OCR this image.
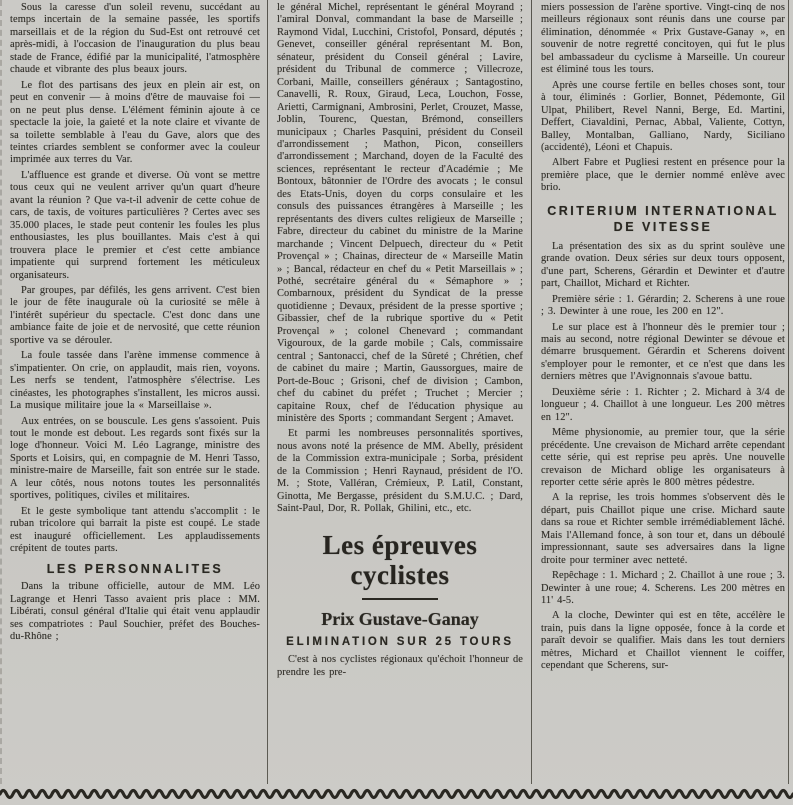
Sous la caresse d'un soleil revenu, succédant au temps incertain de la semaine passée, les sportifs marseillais et de la région du Sud-Est ont retrouvé cet après-midi, à l'occasion de l'inauguration du plus beau stade de France, édifié par la municipalité, l'atmosphère chaude et vibrante des plus beaux jours.

Le flot des partisans des jeux en plein air est, on peut en convenir — à moins d'être de mauvaise foi — on ne peut plus dense. L'élément féminin ajoute à ce spectacle la joie, la gaieté et la note claire et vivante de sa toilette semblable à l'eau du Gave, alors que des teintes criardes semblent se conformer avec la couleur imprimée aux terres du Var.

L'affluence est grande et diverse. Où vont se mettre tous ceux qui ne veulent arriver qu'un quart d'heure avant la réunion ? Que va-t-il advenir de cette cohue de cars, de taxis, de voitures particulières ? Certes avec ses 35.000 places, le stade peut contenir les foules les plus enthousiastes, les plus bouillantes. Mais c'est à qui trouvera place le premier et c'est cette ambiance impatiente qui surprend fortement les méticuleux organisateurs.

Par groupes, par défilés, les gens arrivent. C'est bien le jour de fête inaugurale où la curiosité se mêle à l'intérêt supérieur du spectacle. C'est donc dans une ambiance faite de joie et de nervosité, que cette réunion sportive va se dérouler.

La foule tassée dans l'arène immense commence à s'impatienter. On crie, on applaudit, mais rien, voyons. Les nerfs se tendent, l'atmosphère s'électrise. Les cinéastes, les photographes s'installent, les micros aussi. La musique militaire joue la « Marseillaise ».

Aux entrées, on se bouscule. Les gens s'assoient. Puis tout le monde est debout. Les regards sont fixés sur la loge d'honneur. Voici M. Léo Lagrange, ministre des Sports et Loisirs, qui, en compagnie de M. Henri Tasso, ministre-maire de Marseille, fait son entrée sur le stade. A leur côtés, nous notons toutes les personnalités sportives, politiques, civiles et militaires.

Et le geste symbolique tant attendu s'accomplit : le ruban tricolore qui barrait la piste est coupé. Le stade est inauguré officiellement. Les applaudissements crépitent de toutes parts.

LES PERSONNALITES

Dans la tribune officielle, autour de MM. Léo Lagrange et Henri Tasso avaient pris place : MM. Libérati, consul général d'Italie qui était venu applaudir ses compatriotes : Paul Souchier, préfet des Bouches-du-Rhône ;

le général Michel, représentant le général Moyrand ; l'amiral Donval, commandant la base de Marseille ; Raymond Vidal, Lucchini, Cristofol, Ponsard, députés ; Genevet, conseiller général représentant M. Bon, sénateur, président du Conseil général ; Lavire, président du Tribunal de commerce ; Villecroze, Corbani, Maille, conseillers généraux ; Santagostino, Canavelli, R. Roux, Giraud, Leca, Louchon, Fosse, Arietti, Carmignani, Ambrosini, Perlet, Crouzet, Masse, Joblin, Tourenc, Questan, Brémond, conseillers municipaux ; Charles Pasquini, président du Conseil d'arrondissement ; Mathon, Picon, conseillers d'arrondissement ; Marchand, doyen de la Faculté des sciences, représentant le recteur d'Académie ; Me Bontoux, bâtonnier de l'Ordre des avocats ; le consul des Etats-Unis, doyen du corps consulaire et les consuls des puissances étrangères à Marseille ; les représentants des divers cultes religieux de Marseille ; Fabre, directeur du cabinet du ministre de la Marine marchande ; Vincent Delpuech, directeur du « Petit Provençal » ; Chainas, directeur de « Marseille Matin » ; Bancal, rédacteur en chef du « Petit Marseillais » ; Pothé, secrétaire général du « Sémaphore » ; Combarnoux, président du Syndicat de la presse quotidienne ; Devaux, président de la presse sportive ; Gibassier, chef de la rubrique sportive du « Petit Provençal » ; colonel Chenevard ; commandant Vigouroux, de la garde mobile ; Cals, commissaire central ; Santonacci, chef de la Sûreté ; Chrétien, chef de cabinet du maire ; Martin, Gaussorgues, maire de Port-de-Bouc ; Grisoni, chef de division ; Cambon, chef du cabinet du préfet ; Truchet ; Mercier ; capitaine Roux, chef de l'éducation physique au ministère des Sports ; commandant Sergent ; Amavet.

Et parmi les nombreuses personnalités sportives, nous avons noté la présence de MM. Abelly, président de la Commission extra-municipale ; Sorba, président de la Commission ; Henri Raynaud, président de l'O. M. ; Stote, Valléran, Crémieux, P. Latil, Constant, Ginotta, Me Bergasse, président du S.M.U.C. ; Dard, Saint-Paul, Dor, R. Pollak, Ghilini, etc., etc.

Les épreuves cyclistes
Prix Gustave-Ganay
ELIMINATION SUR 25 TOURS

C'est à nos cyclistes régionaux qu'échoit l'honneur de prendre les pre-

miers possession de l'arène sportive. Vingt-cinq de nos meilleurs régionaux sont réunis dans une course par élimination, dénommée « Prix Gustave-Ganay », en souvenir de notre regretté concitoyen, qui fut le plus bel ambassadeur du cyclisme à Marseille. Un coureur est éliminé tous les tours.

Après une course fertile en belles choses sont, tour à tour, éliminés : Gorlier, Bonnet, Pédemonte, Gil Ulpat, Philibert, Revel Nanni, Berge, Ed. Martini, Deffert, Ciavaldini, Pernac, Abbal, Valiente, Cottyn, Balley, Montalban, Galliano, Nardy, Siciliano (accidenté), Léoni et Chapuis.

Albert Fabre et Pugliesi restent en présence pour la première place, que le dernier nommé enlève avec brio.

CRITERIUM INTERNATIONAL
DE VITESSE

La présentation des six as du sprint soulève une grande ovation. Deux séries sur deux tours opposent, d'une part, Scherens, Gérardin et Dewinter et d'autre part, Chaillot, Michard et Richter.

Première série : 1. Gérardin; 2. Scherens à une roue ; 3. Dewinter à une roue, les 200 en 12".

Le sur place est à l'honneur dès le premier tour ; mais au second, notre régional Dewinter se dévoue et démarre brusquement. Gérardin et Scherens doivent s'employer pour le remonter, et ce n'est que dans les derniers mètres que l'Avignonnais s'avoue battu.

Deuxième série : 1. Richter ; 2. Michard à 3/4 de longueur ; 4. Chaillot à une longueur. Les 200 mètres en 12".

Même physionomie, au premier tour, que la série précédente. Une crevaison de Michard arrête cependant cette série, qui est reprise peu après. Une nouvelle crevaison de Michard oblige les organisateurs à reporter cette série après le 800 mètres pédestre.

A la reprise, les trois hommes s'observent dès le départ, puis Chaillot pique une crise. Michard saute dans sa roue et Richter semble irrémédiablement lâché. Mais l'Allemand fonce, à son tour et, dans un déboulé impressionnant, saute ses adversaires dans la ligne droite pour terminer avec netteté.

Repêchage : 1. Michard ; 2. Chaillot à une roue ; 3. Dewinter à une roue; 4. Scherens. Les 200 mètres en 11' 4-5.

A la cloche, Dewinter qui est en tête, accélère le train, puis dans la ligne opposée, fonce à la corde et paraît devoir se qualifier. Mais dans les tout derniers mètres, Michard et Chaillot viennent le coiffer, cependant que Scherens, sur-
